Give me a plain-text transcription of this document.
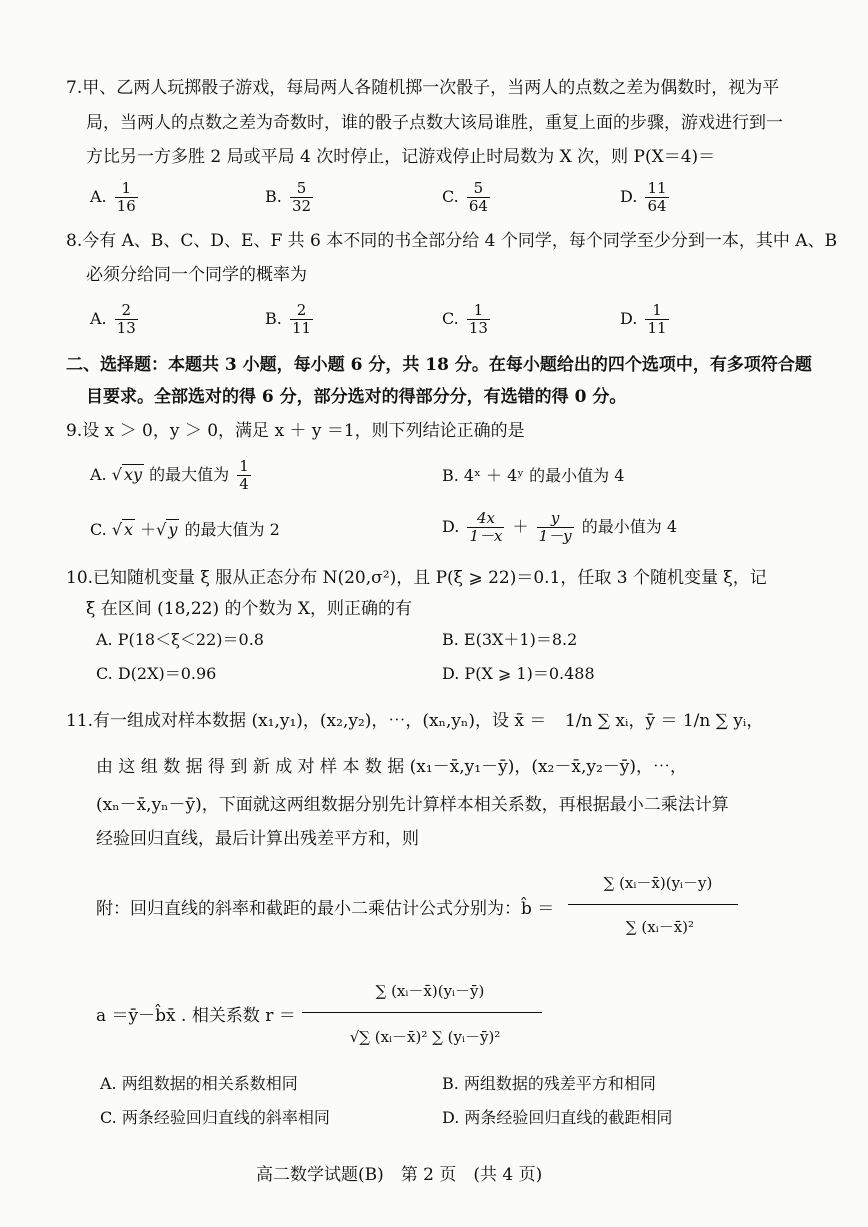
7.甲、乙两人玩掷骰子游戏，每局两人各随机掷一次骰子，当两人的点数之差为偶数时，视为平
局，当两人的点数之差为奇数时，谁的骰子点数大该局谁胜，重复上面的步骤，游戏进行到一
方比另一方多胜 2 局或平局 4 次时停止，记游戏停止时局数为 X 次，则 P(X＝4)＝
A. $\frac{1}{16}$	B. $\frac{5}{32}$	C. $\frac{5}{64}$	D. $\frac{11}{64}$
8.今有 A、B、C、D、E、F 共 6 本不同的书全部分给 4 个同学，每个同学至少分到一本，其中 A、B
必须分给同一个同学的概率为
A. $\frac{2}{13}$	B. $\frac{2}{11}$	C. $\frac{1}{13}$	D. $\frac{1}{11}$
二、选择题：本题共 3 小题，每小题 6 分，共 18 分。在每小题给出的四个选项中，有多项符合题
目要求。全部选对的得 6 分，部分选对的得部分分，有选错的得 0 分。
9.设 x ＞ 0，y ＞ 0，满足 x ＋ y ＝1，则下列结论正确的是
A. √ xy 的最大值为 $\frac{1}{4}$	B. 4ˣ ＋ 4ʸ 的最小值为 4
C. √ x ＋√ y 的最大值为 2	D. $\frac{4x}{1-x} + \frac{y}{1-y}$ 的最小值为 4
10.已知随机变量 ξ 服从正态分布 N(20,σ²)，且 P(ξ ⩾ 22)＝0.1，任取 3 个随机变量 ξ，记
ξ 在区间 (18,22) 的个数为 X，则正确的有
A. P(18＜ξ＜22)＝0.8	B. E(3X＋1)＝8.2
C. D(2X)＝0.96	D. P(X ⩾ 1)＝0.488
11.有一组成对样本数据 (x₁,y₁)，(x₂,y₂)，⋯，(xₙ,yₙ)，设 x̄ ＝ 1/n ∑ xᵢ，ȳ ＝ 1/n ∑ yᵢ，
由 这 组 数 据 得 到 新 成 对 样 本 数 据 (x₁－x̄,y₁－ȳ)，(x₂－x̄,y₂－ȳ)，⋯，
(xₙ－x̄,yₙ－ȳ)，下面就这两组数据分别先计算样本相关系数，再根据最小二乘法计算
经验回归直线，最后计算出残差平方和，则
附：回归直线的斜率和截距的最小二乘估计公式分别为：b̂ ＝
∑ (xᵢ－x̄)(yᵢ－y)
∑ (xᵢ－x̄)²
a ＝ȳ－b̂x̄ . 相关系数 r ＝
∑ (xᵢ－x̄)(yᵢ－ȳ)
√∑ (xᵢ－x̄)² ∑ (yᵢ－ȳ)²
A. 两组数据的相关系数相同	B. 两组数据的残差平方和相同
C. 两条经验回归直线的斜率相同	D. 两条经验回归直线的截距相同
高二数学试题(B)　第 2 页　(共 4 页)
